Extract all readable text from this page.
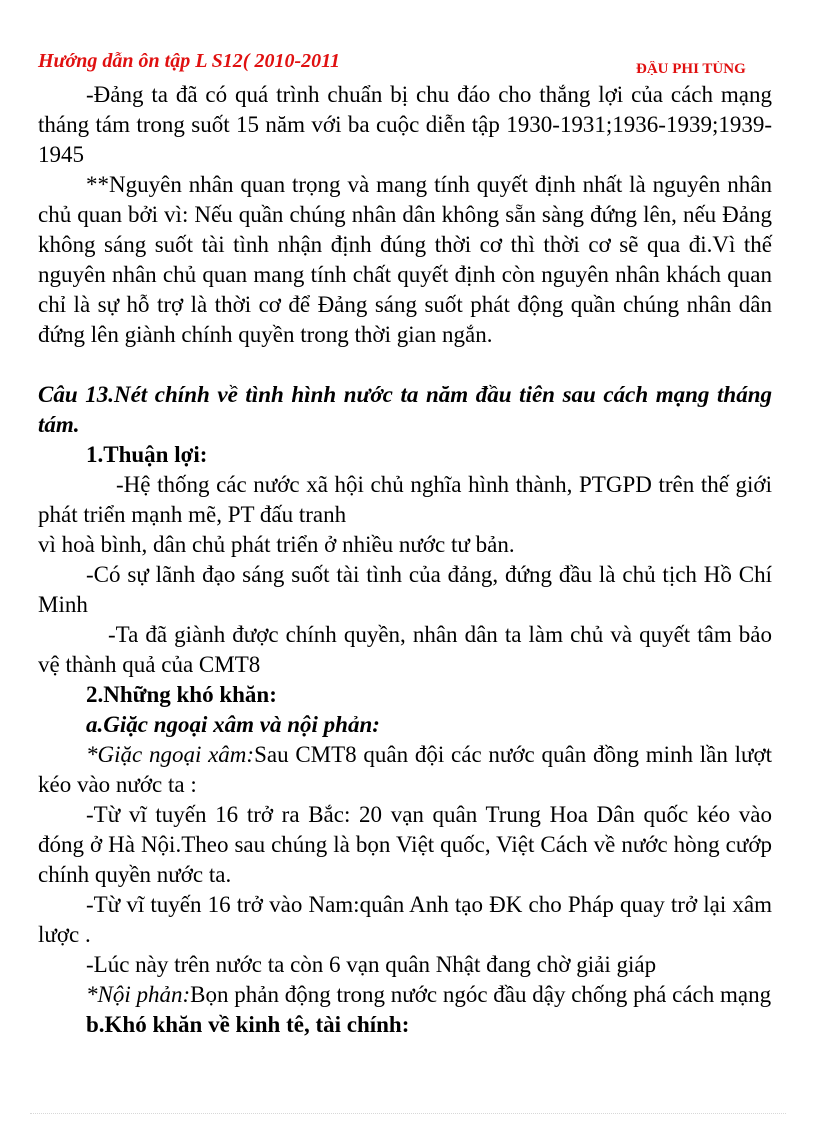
Hướng dẫn ôn tập L S12( 2010-2011	ĐẬU PHI TÙNG

-Đảng ta đã có quá trình chuẩn bị chu đáo cho thắng lợi của cách mạng tháng tám trong suốt 15 năm với ba cuộc diễn tập 1930-1931;1936-1939;1939-1945

**Nguyên nhân quan trọng và mang tính quyết định nhất là nguyên nhân chủ quan bởi vì: Nếu quần chúng nhân dân không sẵn sàng đứng lên, nếu Đảng không sáng suốt tài tình nhận định đúng thời cơ thì thời cơ sẽ qua đi.Vì thế nguyên nhân chủ quan mang tính chất quyết định còn nguyên nhân khách quan chỉ là sự hỗ trợ là thời cơ để Đảng sáng suốt phát động quần chúng nhân dân đứng lên giành chính quyền trong thời gian ngắn.

Câu 13.Nét chính về tình hình nước ta năm đầu tiên sau cách mạng tháng tám.

1.Thuận lợi:

-Hệ thống các nước xã hội chủ nghĩa hình thành, PTGPD trên thế giới phát triển mạnh mẽ, PT đấu tranh

vì hoà bình, dân chủ phát triển ở nhiều nước tư bản.

-Có sự lãnh đạo sáng suốt tài tình của đảng, đứng đầu là chủ tịch Hồ Chí Minh

-Ta đã giành được chính quyền, nhân dân ta làm chủ và quyết tâm bảo vệ thành quả của CMT8

2.Những khó khăn:

a.Giặc ngoại xâm và nội phản:

*Giặc ngoại xâm:Sau CMT8 quân đội các nước quân đồng minh lần lượt kéo vào nước ta :

-Từ vĩ tuyến 16 trở ra Bắc: 20 vạn quân Trung Hoa Dân quốc kéo vào đóng ở Hà Nội.Theo sau chúng là bọn Việt quốc, Việt Cách về nước hòng cướp chính quyền nước ta.

-Từ vĩ tuyến 16 trở vào Nam:quân Anh tạo ĐK cho Pháp quay trở lại xâm lược .

-Lúc này trên nước ta còn 6 vạn quân Nhật đang chờ giải giáp

*Nội phản:Bọn phản động trong nước ngóc đầu dậy chống phá cách mạng

b.Khó khăn về kinh tê, tài chính:
